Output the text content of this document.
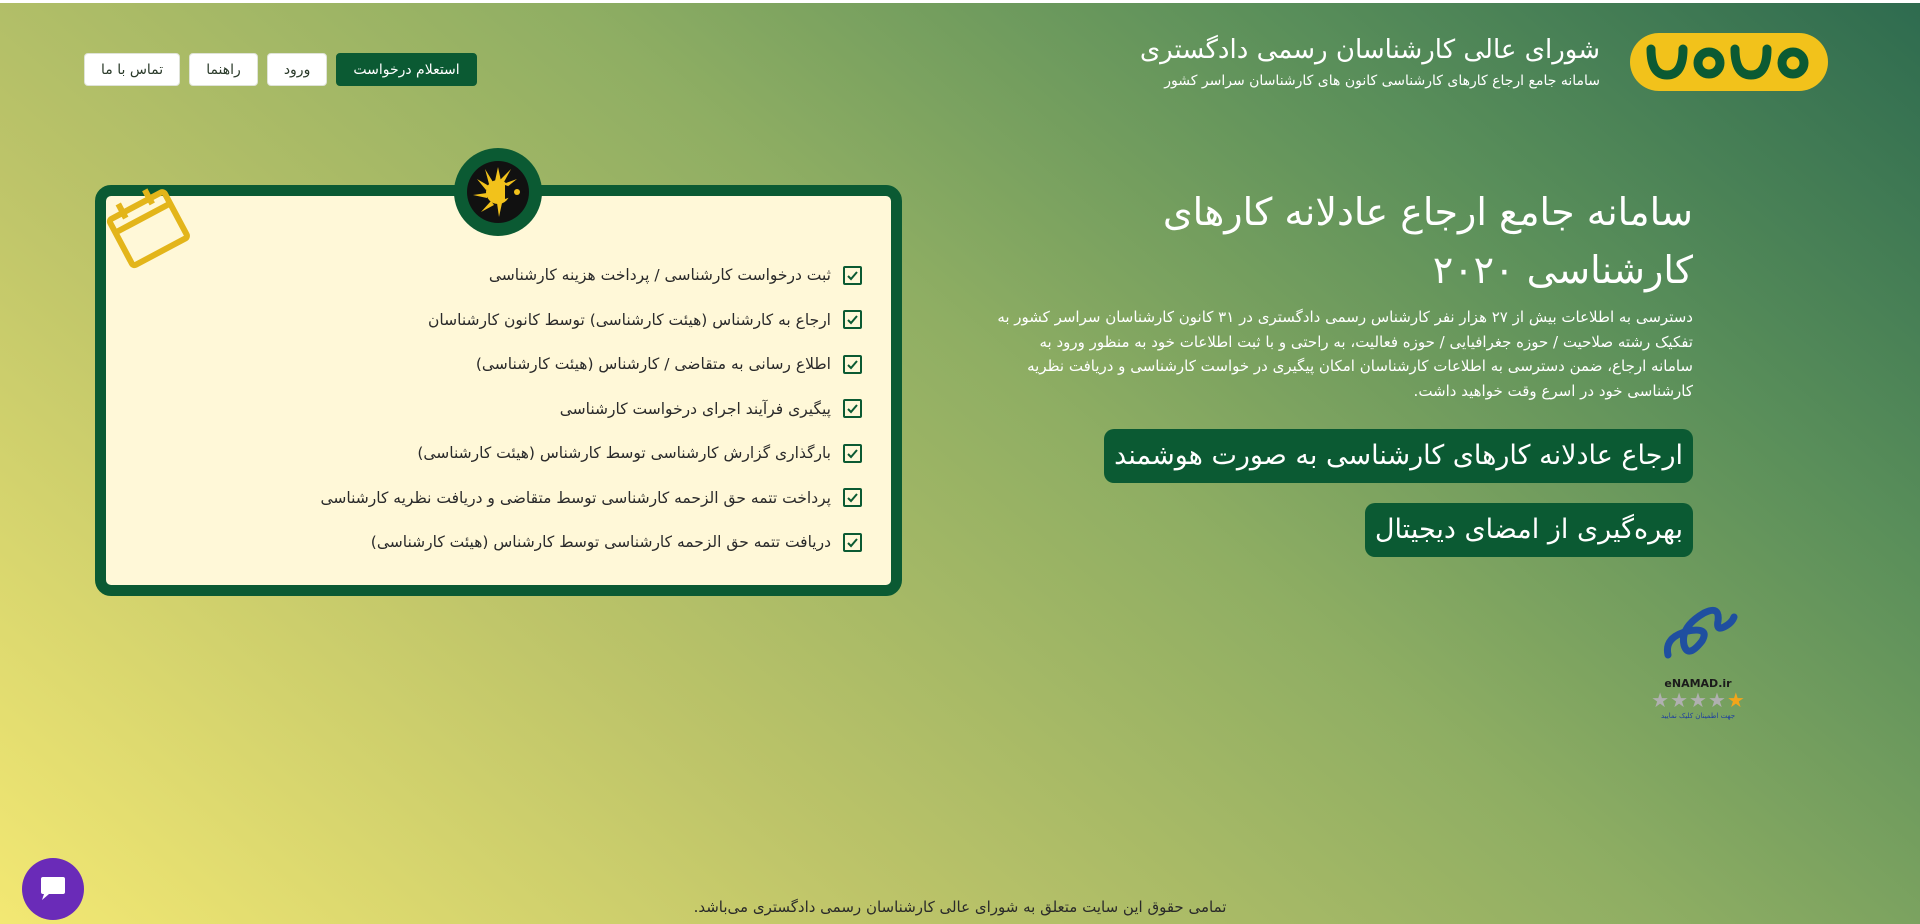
شورای عالی کارشناسان رسمی دادگستری
سامانه جامع ارجاع کارهای کارشناسی کانون های کارشناسان سراسر کشور
تماس با ما	راهنما	ورود	استعلام درخواست
ثبت درخواست کارشناسی / پرداخت هزینه کارشناسی
ارجاع به کارشناس (هیئت کارشناسی) توسط کانون کارشناسان
اطلاع رسانی به متقاضی / کارشناس (هیئت کارشناسی)
پیگیری فرآیند اجرای درخواست کارشناسی
بارگذاری گزارش کارشناسی توسط کارشناس (هیئت کارشناسی)
پرداخت تتمه حق الزحمه کارشناسی توسط متقاضی و دریافت نظریه کارشناسی
دریافت تتمه حق الزحمه کارشناسی توسط کارشناس (هیئت کارشناسی)
سامانه جامع ارجاع عادلانه کارهای کارشناسی ۲۰۲۰

دسترسی به اطلاعات بیش از ۲۷ هزار نفر کارشناس رسمی دادگستری در ۳۱ کانون کارشناسان سراسر کشور به تفکیک رشته صلاحیت / حوزه جغرافیایی / حوزه فعالیت، به راحتی و با ثبت اطلاعات خود به منظور ورود به سامانه ارجاع، ضمن دسترسی به اطلاعات کارشناسان امکان پیگیری در خواست کارشناسی و دریافت نظریه کارشناسی خود در اسرع وقت خواهید داشت.

ارجاع عادلانه کارهای کارشناسی به صورت هوشمند
بهره‌گیری از امضای دیجیتال
eNAMAD.ir
★ ★ ★ ★ ★
جهت اطمینان کلیک نمایید
تمامی حقوق این سایت متعلق به شورای عالی کارشناسان رسمی دادگستری می‌باشد.
